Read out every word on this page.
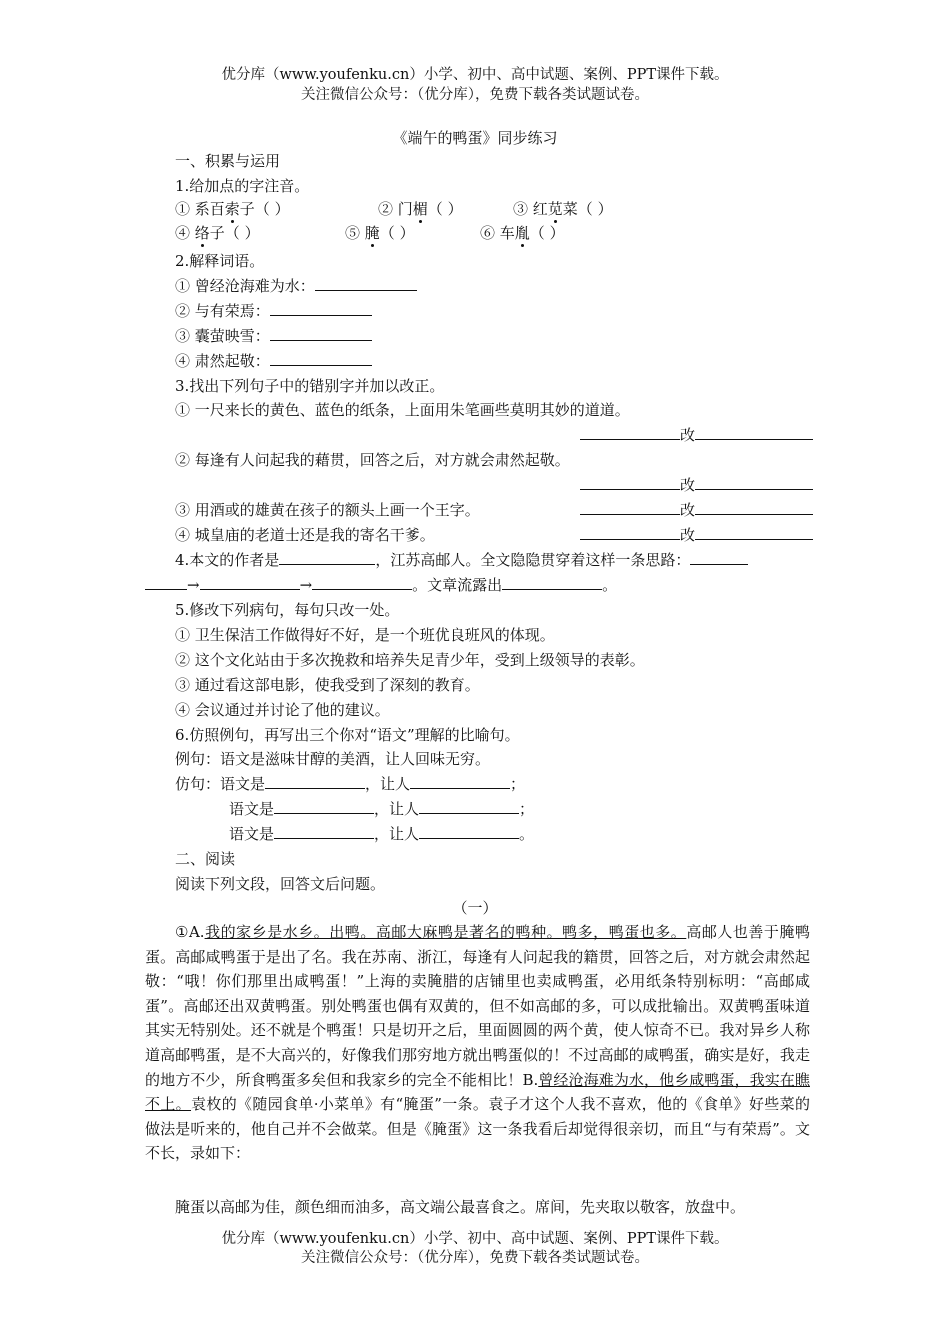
优分库（www.youfenku.cn）小学、初中、高中试题、案例、PPT课件下载。
关注微信公众号：（优分库），免费下载各类试题试卷。
《端午的鸭蛋》同步练习
一、积累与运用
1.给加点的字注音。
① 系百索子（ ）	② 门楣（ ）	③ 红苋菜（ ）
④ 络子（ ）	⑤ 腌（ ）	⑥ 车胤（ ）
2.解释词语。
① 曾经沧海难为水：
② 与有荣焉：
③ 囊萤映雪：
④ 肃然起敬：
3.找出下列句子中的错别字并加以改正。
① 一尺来长的黄色、蓝色的纸条，上面用朱笔画些莫明其妙的道道。
改
② 每逢有人问起我的藉贯，回答之后，对方就会肃然起敬。
改
③ 用酒或的雄黄在孩子的额头上画一个王字。	改
④ 城皇庙的老道士还是我的寄名干爹。	改
4.本文的作者是	，江苏高邮人。全文隐隐贯穿着这样一条思路：
→	→	。文章流露出	。
5.修改下列病句，每句只改一处。
① 卫生保洁工作做得好不好，是一个班优良班风的体现。
② 这个文化站由于多次挽救和培养失足青少年，受到上级领导的表彰。
③ 通过看这部电影，使我受到了深刻的教育。
④ 会议通过并讨论了他的建议。
6.仿照例句，再写出三个你对“语文”理解的比喻句。
例句：语文是滋味甘醇的美酒，让人回味无穷。
仿句：语文是	，让人	；
语文是	，让人	；
语文是	，让人	。
二、阅读
阅读下列文段，回答文后问题。
（一）
①A.我的家乡是水乡。出鸭。高邮大麻鸭是著名的鸭种。鸭多，鸭蛋也多。高邮人也善于腌鸭蛋。高邮咸鸭蛋于是出了名。我在苏南、浙江，每逢有人问起我的籍贯，回答之后，对方就会肃然起敬：“哦！你们那里出咸鸭蛋！”上海的卖腌腊的店铺里也卖咸鸭蛋，必用纸条特别标明：“高邮咸蛋”。高邮还出双黄鸭蛋。别处鸭蛋也偶有双黄的，但不如高邮的多，可以成批输出。双黄鸭蛋味道其实无特别处。还不就是个鸭蛋！只是切开之后，里面圆圆的两个黄，使人惊奇不已。我对异乡人称道高邮鸭蛋，是不大高兴的，好像我们那穷地方就出鸭蛋似的！不过高邮的咸鸭蛋，确实是好，我走的地方不少，所食鸭蛋多矣但和我家乡的完全不能相比！B.曾经沧海难为水，他乡咸鸭蛋，我实在瞧不上。袁枚的《随园食单·小菜单》有“腌蛋”一条。袁子才这个人我不喜欢，他的《食单》好些菜的做法是听来的，他自己并不会做菜。但是《腌蛋》这一条我看后却觉得很亲切，而且“与有荣焉”。文不长，录如下：
腌蛋以高邮为佳，颜色细而油多，高文端公最喜食之。席间，先夹取以敬客，放盘中。
优分库（www.youfenku.cn）小学、初中、高中试题、案例、PPT课件下载。
关注微信公众号：（优分库），免费下载各类试题试卷。
